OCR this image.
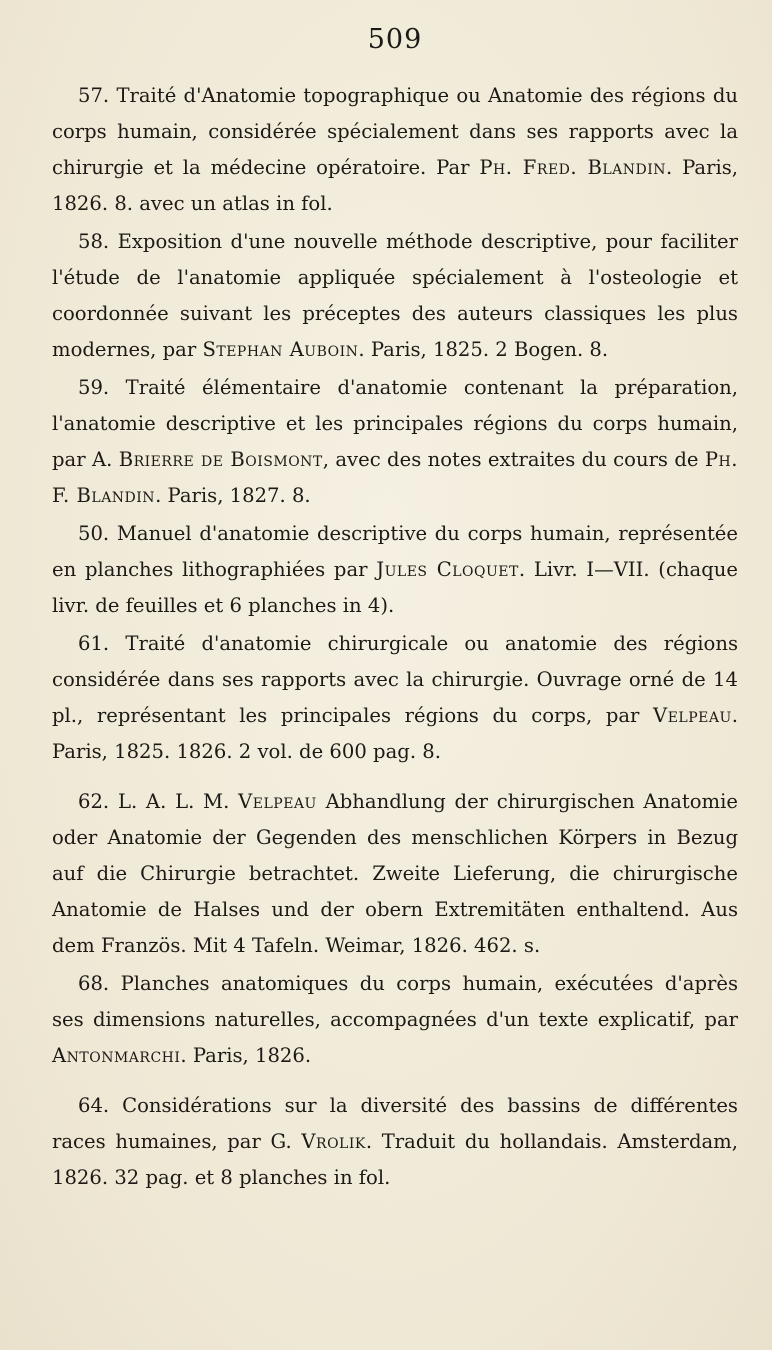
509

57. Traité d'Anatomie topographique ou Anatomie des régions du corps humain, considérée spécialement dans ses rapports avec la chirurgie et la médecine opératoire. Par Ph. Fred. Blandin. Paris, 1826. 8. avec un atlas in fol.

58. Exposition d'une nouvelle méthode descriptive, pour faciliter l'étude de l'anatomie appliquée spécialement à l'osteologie et coordonnée suivant les préceptes des auteurs classiques les plus modernes, par Stephan Auboin. Paris, 1825. 2 Bogen. 8.

59. Traité élémentaire d'anatomie contenant la préparation, l'anatomie descriptive et les principales régions du corps humain, par A. Brierre de Boismont, avec des notes extraites du cours de Ph. F. Blandin. Paris, 1827. 8.

50. Manuel d'anatomie descriptive du corps humain, représentée en planches lithographiées par Jules Cloquet. Livr. I—VII. (chaque livr. de feuilles et 6 planches in 4).

61. Traité d'anatomie chirurgicale ou anatomie des régions considérée dans ses rapports avec la chirurgie. Ouvrage orné de 14 pl., représentant les principales régions du corps, par Velpeau. Paris, 1825. 1826. 2 vol. de 600 pag. 8.

62. L. A. L. M. Velpeau Abhandlung der chirurgischen Anatomie oder Anatomie der Gegenden des menschlichen Körpers in Bezug auf die Chirurgie betrachtet. Zweite Lieferung, die chirurgische Anatomie de Halses und der obern Extremitäten enthaltend. Aus dem Französ. Mit 4 Tafeln. Weimar, 1826. 462. s.

68. Planches anatomiques du corps humain, exécutées d'après ses dimensions naturelles, accompagnées d'un texte explicatif, par Antonmarchi. Paris, 1826.

64. Considérations sur la diversité des bassins de différentes races humaines, par G. Vrolik. Traduit du hollandais. Amsterdam, 1826. 32 pag. et 8 planches in fol.
